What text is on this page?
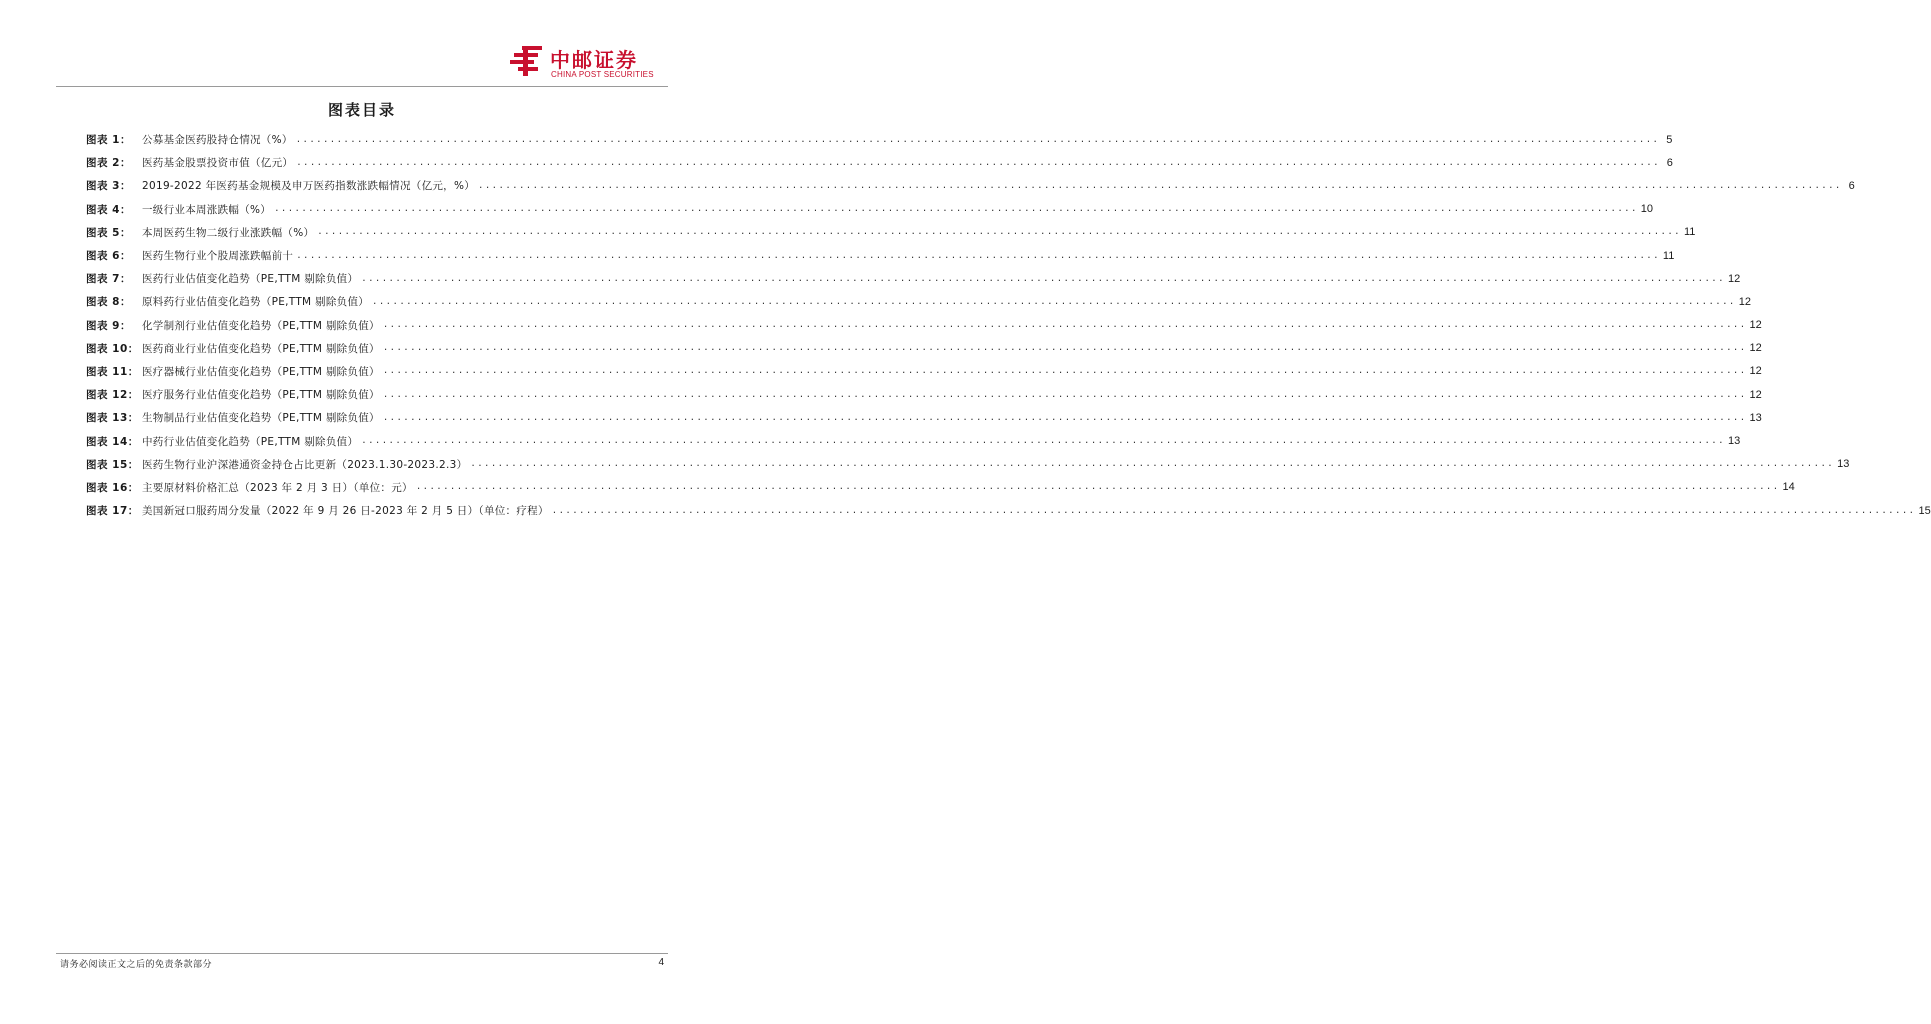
中邮证券
CHINA POST SECURITIES
图表目录
图表 1：	公募基金医药股持仓情况（%） ........................................................................................................................................................................................................ 5
图表 2：	医药基金股票投资市值（亿元） ........................................................................................................................................................................................................ 6
图表 3：	2019-2022 年医药基金规模及申万医药指数涨跌幅情况（亿元，%） ........................................................................................................................................................................................................ 6
图表 4：	一级行业本周涨跌幅（%） ........................................................................................................................................................................................................ 10
图表 5：	本周医药生物二级行业涨跌幅（%） ........................................................................................................................................................................................................ 11
图表 6：	医药生物行业个股周涨跌幅前十 ........................................................................................................................................................................................................ 11
图表 7：	医药行业估值变化趋势（PE,TTM 剔除负值） ........................................................................................................................................................................................................ 12
图表 8：	原料药行业估值变化趋势（PE,TTM 剔除负值） ........................................................................................................................................................................................................ 12
图表 9：	化学制剂行业估值变化趋势（PE,TTM 剔除负值） ........................................................................................................................................................................................................ 12
图表 10： 医药商业行业估值变化趋势（PE,TTM 剔除负值） ........................................................................................................................................................................................................ 12
图表 11： 医疗器械行业估值变化趋势（PE,TTM 剔除负值） ........................................................................................................................................................................................................ 12
图表 12： 医疗服务行业估值变化趋势（PE,TTM 剔除负值） ........................................................................................................................................................................................................ 12
图表 13： 生物制品行业估值变化趋势（PE,TTM 剔除负值） ........................................................................................................................................................................................................ 13
图表 14： 中药行业估值变化趋势（PE,TTM 剔除负值） ........................................................................................................................................................................................................ 13
图表 15： 医药生物行业沪深港通资金持仓占比更新（2023.1.30-2023.2.3） ........................................................................................................................................................................................................ 13
图表 16： 主要原材料价格汇总（2023 年 2 月 3 日）（单位：元） ........................................................................................................................................................................................................ 14
图表 17： 美国新冠口服药周分发量（2022 年 9 月 26 日-2023 年 2 月 5 日）（单位：疗程） ........................................................................................................................................................................................................ 15
请务必阅读正文之后的免责条款部分	4
